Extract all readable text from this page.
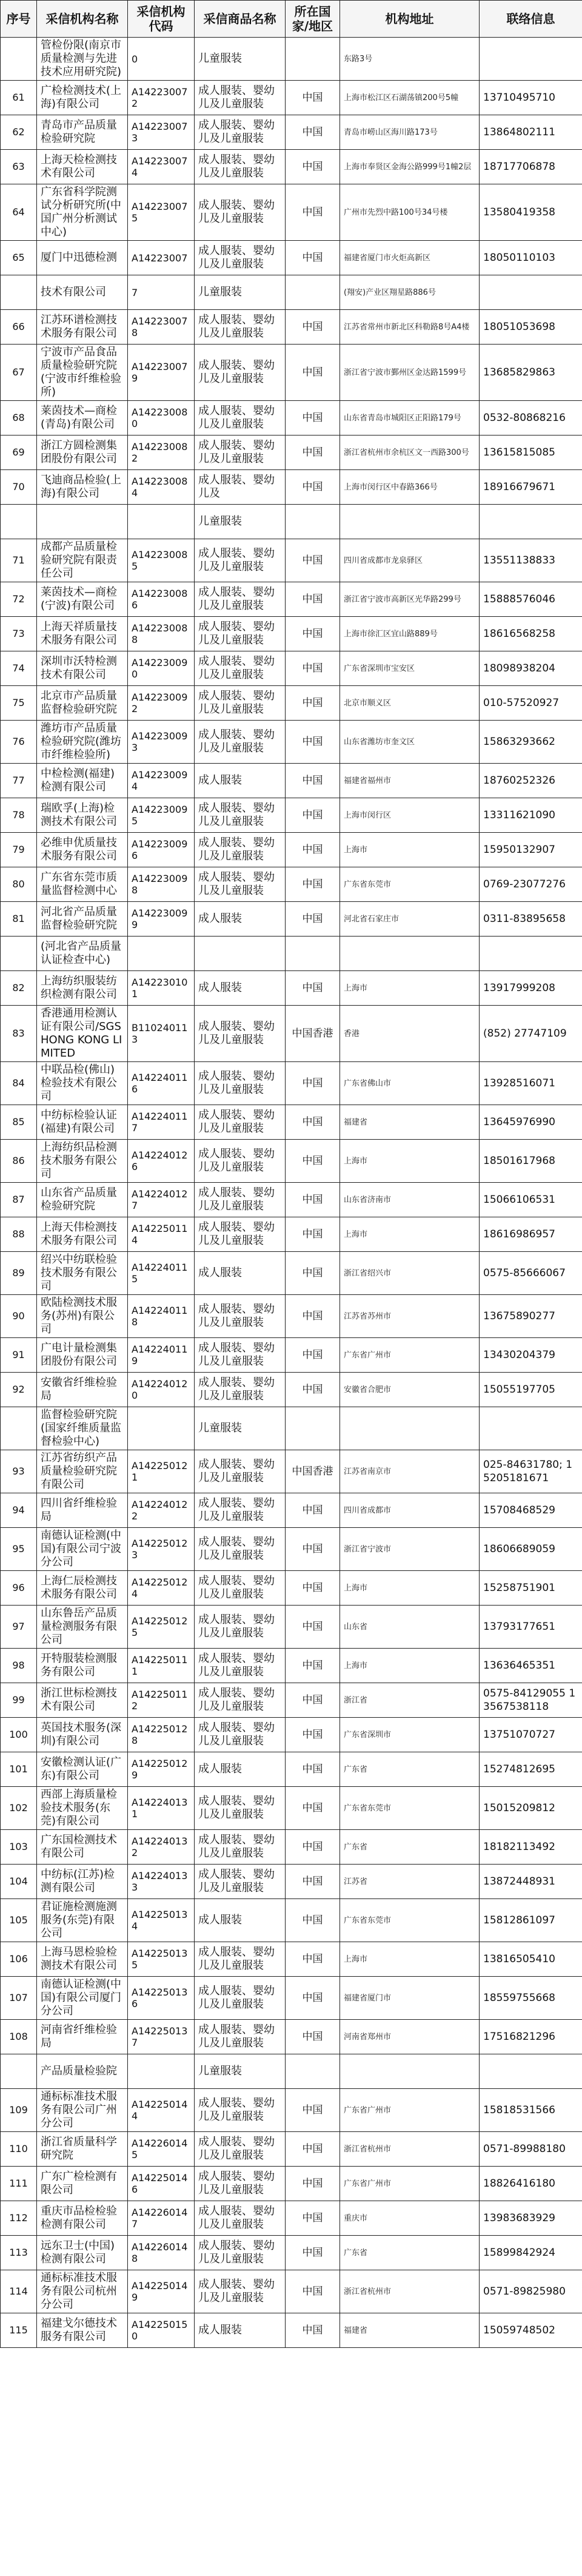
序号	采信机构名称	采信机构代码	采信商品名称	所在国家/地区	机构地址	联络信息
	管检份限(南京市质量检测与先进技术应用研究院)	0	儿童服装		东路3号	
61	广检检测技术(上海)有限公司	A142230072	成人服装、婴幼儿及儿童服装	中国	上海市松江区石湖荡镇200号5幢	13710495710
62	青岛市产品质量检验研究院	A142230073	成人服装、婴幼儿及儿童服装	中国	青岛市崂山区海川路173号	13864802111
63	上海天检检测技术有限公司	A142230074	成人服装、婴幼儿及儿童服装	中国	上海市奉贤区金海公路999号1幢2层	18717706878
64	广东省科学院测试分析研究所(中国广州分析测试中心)	A142230075	成人服装、婴幼儿及儿童服装	中国	广州市先烈中路100号34号楼	13580419358
65	厦门中迅德检测	A14223007	成人服装、婴幼儿及儿童服装	中国	福建省厦门市火炬高新区	18050110103
	技术有限公司	7	儿童服装		(翔安)产业区翔星路886号	
66	江苏环谱检测技术服务有限公司	A142230078	成人服装、婴幼儿及儿童服装	中国	江苏省常州市新北区科勒路8号A4楼	18051053698
67	宁波市产品食品质量检验研究院(宁波市纤维检验所)	A142230079	成人服装、婴幼儿及儿童服装	中国	浙江省宁波市鄞州区金达路1599号	13685829863
68	莱茵技术—商检(青岛)有限公司	A142230080	成人服装、婴幼儿及儿童服装	中国	山东省青岛市城阳区正阳路179号	0532-80868216
69	浙江方圆检测集团股份有限公司	A142230082	成人服装、婴幼儿及儿童服装	中国	浙江省杭州市余杭区文一西路300号	13615815085
70	飞迪商品检验(上海)有限公司	A142230084	成人服装、婴幼儿及	中国	上海市闵行区中春路366号	18916679671
			儿童服装			
71	成都产品质量检验研究院有限责任公司	A142230085	成人服装、婴幼儿及儿童服装	中国	四川省成都市龙泉驿区	13551138833
72	莱茵技术—商检(宁波)有限公司	A142230086	成人服装、婴幼儿及儿童服装	中国	浙江省宁波市高新区光华路299号	15888576046
73	上海天祥质量技术服务有限公司	A142230088	成人服装、婴幼儿及儿童服装	中国	上海市徐汇区宜山路889号	18616568258
74	深圳市沃特检测技术有限公司	A142230090	成人服装、婴幼儿及儿童服装	中国	广东省深圳市宝安区	18098938204
75	北京市产品质量监督检验研究院	A142230092	成人服装、婴幼儿及儿童服装	中国	北京市顺义区	010-57520927
76	潍坊市产品质量检验研究院(潍坊市纤维检验所)	A142230093	成人服装、婴幼儿及儿童服装	中国	山东省潍坊市奎文区	15863293662
77	中检检测(福建)检测有限公司	A142230094	成人服装	中国	福建省福州市	18760252326
78	瑞欧孚(上海)检测技术有限公司	A142230095	成人服装、婴幼儿及儿童服装	中国	上海市闵行区	13311621090
79	必维申优质量技术服务有限公司	A142230096	成人服装、婴幼儿及儿童服装	中国	上海市	15950132907
80	广东省东莞市质量监督检测中心	A142230098	成人服装、婴幼儿及儿童服装	中国	广东省东莞市	0769-23077276
81	河北省产品质量监督检验研究院	A142230099	成人服装	中国	河北省石家庄市	0311-83895658
	(河北省产品质量认证检查中心)					
82	上海纺织服装纺织检测有限公司	A142230101	成人服装	中国	上海市	13917999208
83	香港通用检测认证有限公司/SGS HONG KONG LIMITED	B110240113	成人服装、婴幼儿及儿童服装	中国香港	香港	(852) 27747109
84	中联品检(佛山)检验技术有限公司	A142240116	成人服装、婴幼儿及儿童服装	中国	广东省佛山市	13928516071
85	中纺标检验认证(福建)有限公司	A142240117	成人服装、婴幼儿及儿童服装	中国	福建省	13645976990
86	上海纺织品检测技术服务有限公司	A142240126	成人服装、婴幼儿及儿童服装	中国	上海市	18501617968
87	山东省产品质量检验研究院	A142240127	成人服装、婴幼儿及儿童服装	中国	山东省济南市	15066106531
88	上海天伟检测技术服务有限公司	A142250114	成人服装、婴幼儿及儿童服装	中国	上海市	18616986957
89	绍兴中纺联检验技术服务有限公司	A142240115	成人服装	中国	浙江省绍兴市	0575-85666067
90	欧陆检测技术服务(苏州)有限公司	A142240118	成人服装、婴幼儿及儿童服装	中国	江苏省苏州市	13675890277
91	广电计量检测集团股份有限公司	A142240119	成人服装、婴幼儿及儿童服装	中国	广东省广州市	13430204379
92	安徽省纤维检验局	A142240120	成人服装、婴幼儿及儿童服装	中国	安徽省合肥市	15055197705
	监督检验研究院(国家纤维质量监督检验中心)		儿童服装			
93	江苏省纺织产品质量检验研究院有限公司	A142250121	成人服装、婴幼儿及儿童服装	中国香港	江苏省南京市	025-84631780; 15205181671
94	四川省纤维检验局	A142240122	成人服装、婴幼儿及儿童服装	中国	四川省成都市	15708468529
95	南德认证检测(中国)有限公司宁波分公司	A142250123	成人服装、婴幼儿及儿童服装	中国	浙江省宁波市	18606689059
96	上海仁辰检测技术服务有限公司	A142250124	成人服装、婴幼儿及儿童服装	中国	上海市	15258751901
97	山东鲁岳产品质量检测服务有限公司	A142250125	成人服装、婴幼儿及儿童服装	中国	山东省	13793177651
98	开特服装检测服务有限公司	A142250111	成人服装、婴幼儿及儿童服装	中国	上海市	13636465351
99	浙江世标检测技术有限公司	A142250112	成人服装、婴幼儿及儿童服装	中国	浙江省	0575-84129055 13567538118
100	英国技术服务(深圳)有限公司	A142250128	成人服装、婴幼儿及儿童服装	中国	广东省深圳市	13751070727
101	安徽检测认证(广东)有限公司	A142250129	成人服装	中国	广东省	15274812695
102	西部上海质量检验技术服务(东莞)有限公司	A142240131	成人服装、婴幼儿及儿童服装	中国	广东省东莞市	15015209812
103	广东国检测技术有限公司	A142240132	成人服装、婴幼儿及儿童服装	中国	广东省	18182113492
104	中纺标(江苏)检测有限公司	A142240133	成人服装、婴幼儿及儿童服装	中国	江苏省	13872448931
105	君证施检测施测服务(东莞)有限公司	A142250134	成人服装	中国	广东省东莞市	15812861097
106	上海马恩检验检测技术有限公司	A142250135	成人服装、婴幼儿及儿童服装	中国	上海市	13816505410
107	南德认证检测(中国)有限公司厦门分公司	A142250136	成人服装、婴幼儿及儿童服装	中国	福建省厦门市	18559755668
108	河南省纤维检验局	A142250137	成人服装、婴幼儿及儿童服装	中国	河南省郑州市	17516821296
	产品质量检验院		儿童服装			
109	通标标准技术服务有限公司广州分公司	A142250144	成人服装、婴幼儿及儿童服装	中国	广东省广州市	15818531566
110	浙江省质量科学研究院	A142260145	成人服装、婴幼儿及儿童服装	中国	浙江省杭州市	0571-89988180
111	广东广检检测有限公司	A142250146	成人服装、婴幼儿及儿童服装	中国	广东省广州市	18826416180
112	重庆市品检检验检测有限公司	A142260147	成人服装、婴幼儿及儿童服装	中国	重庆市	13983683929
113	远东卫士(中国)检测有限公司	A142260148	成人服装、婴幼儿及儿童服装	中国	广东省	15899842924
114	通标标准技术服务有限公司杭州分公司	A142250149	成人服装、婴幼儿及儿童服装	中国	浙江省杭州市	0571-89825980
115	福建戈尔德技术服务有限公司	A142250150	成人服装	中国	福建省	15059748502
